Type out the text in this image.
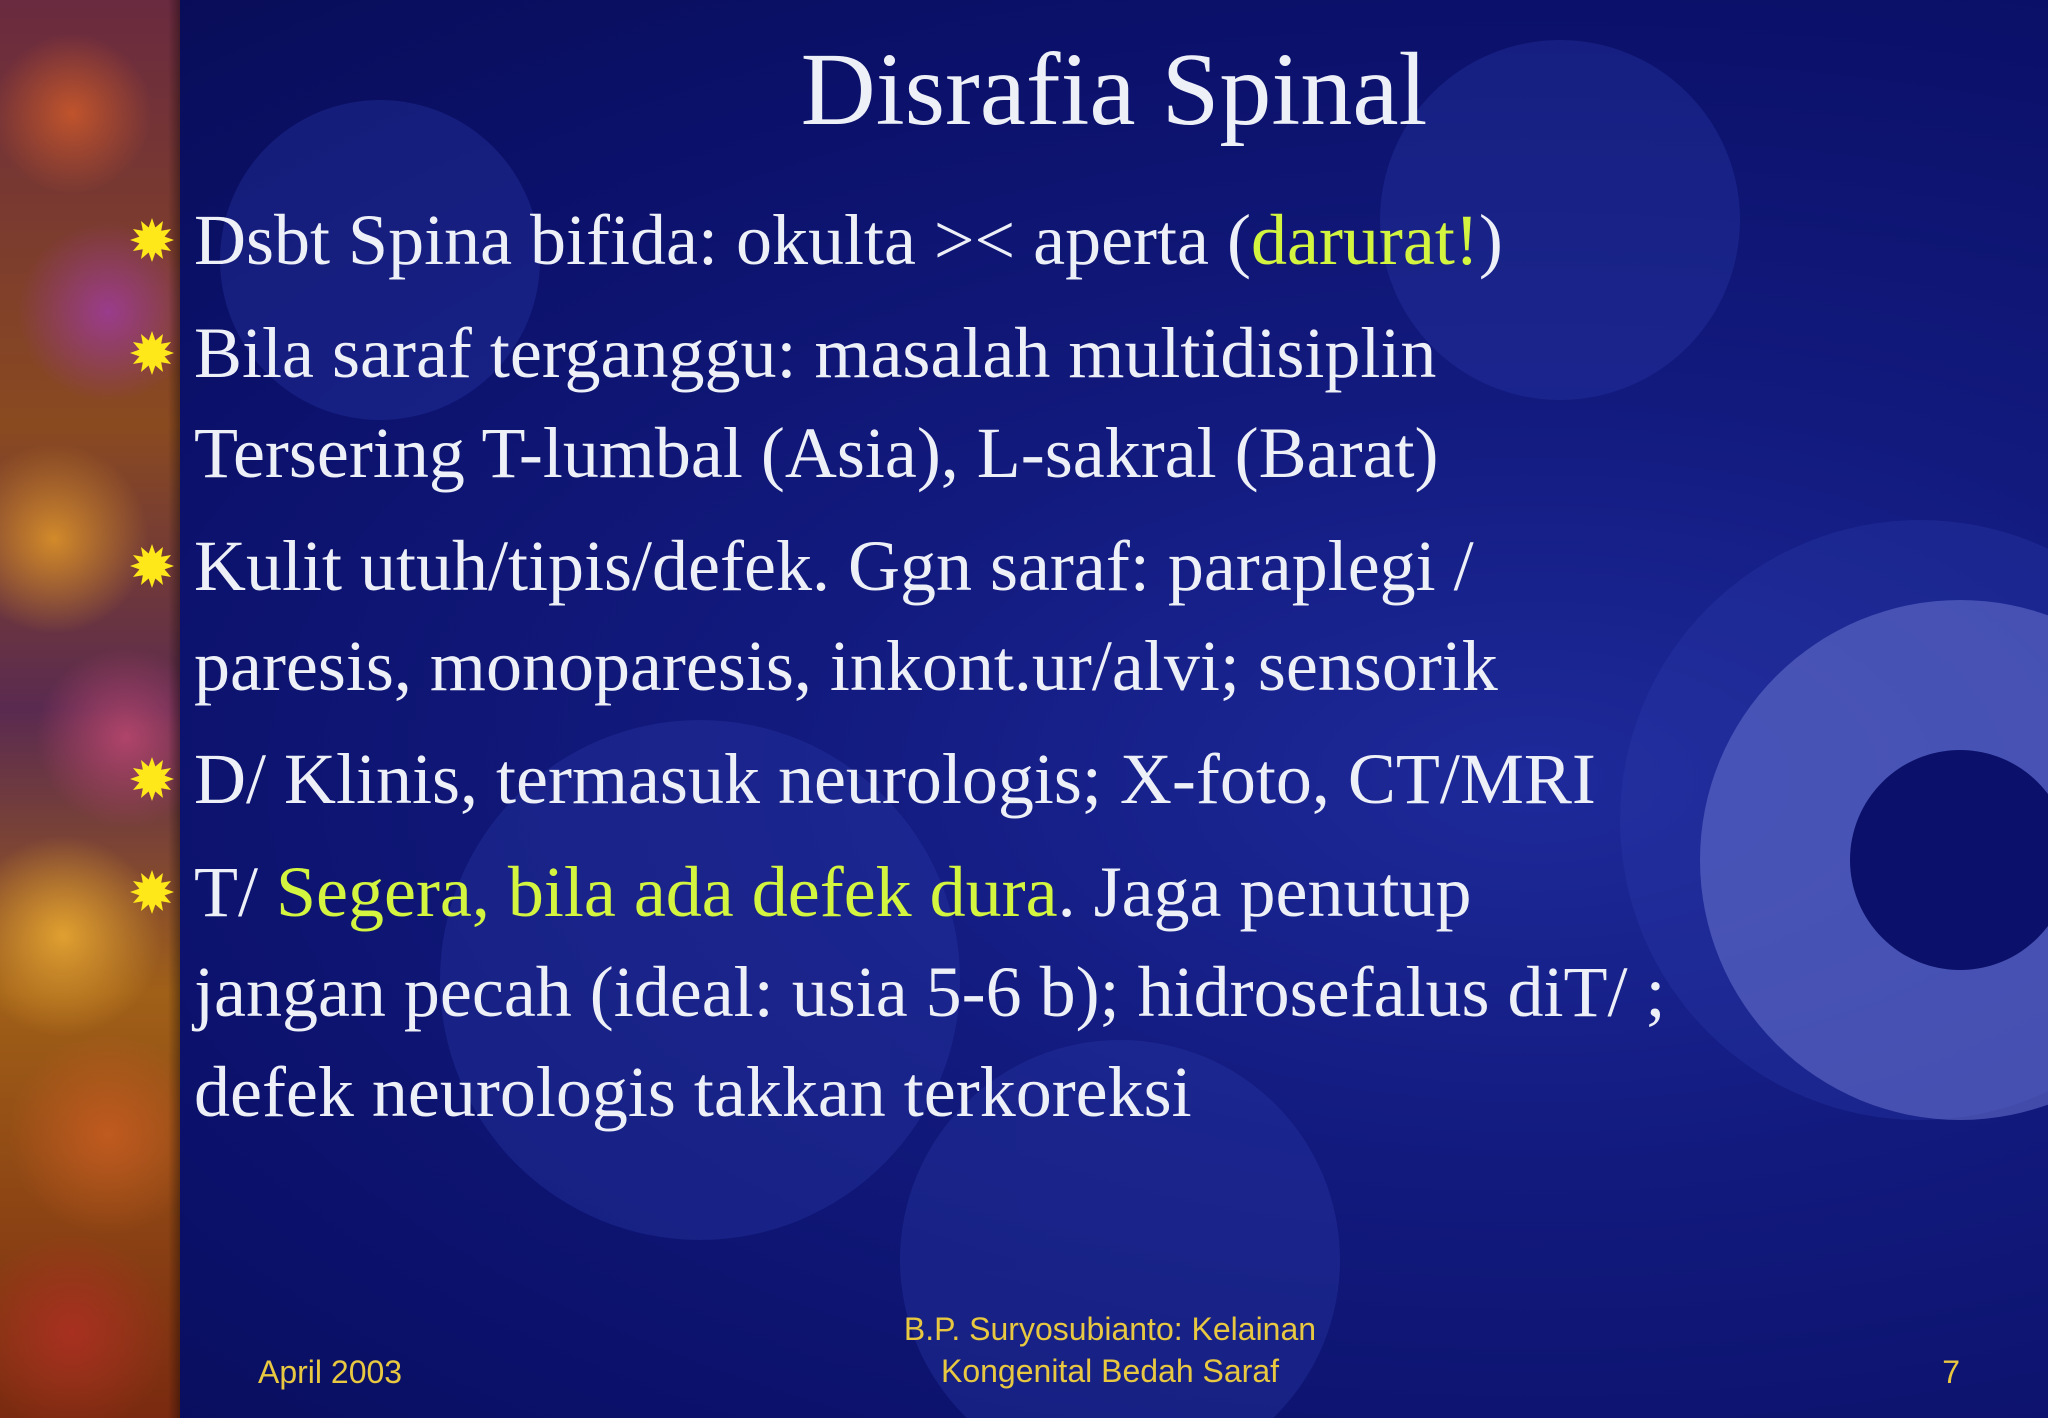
Disrafia Spinal
Dsbt Spina bifida: okulta >< aperta (darurat!)
Bila saraf terganggu: masalah multidisiplin
Tersering T-lumbal (Asia), L-sakral (Barat)
Kulit utuh/tipis/defek. Ggn saraf: paraplegi /
paresis, monoparesis, inkont.ur/alvi; sensorik
D/ Klinis, termasuk neurologis; X-foto, CT/MRI
T/ Segera, bila ada defek dura. Jaga penutup
jangan pecah (ideal: usia 5-6 b); hidrosefalus diT/ ;
defek neurologis takkan terkoreksi
April 2003
B.P. Suryosubianto: Kelainan
Kongenital Bedah Saraf	7
